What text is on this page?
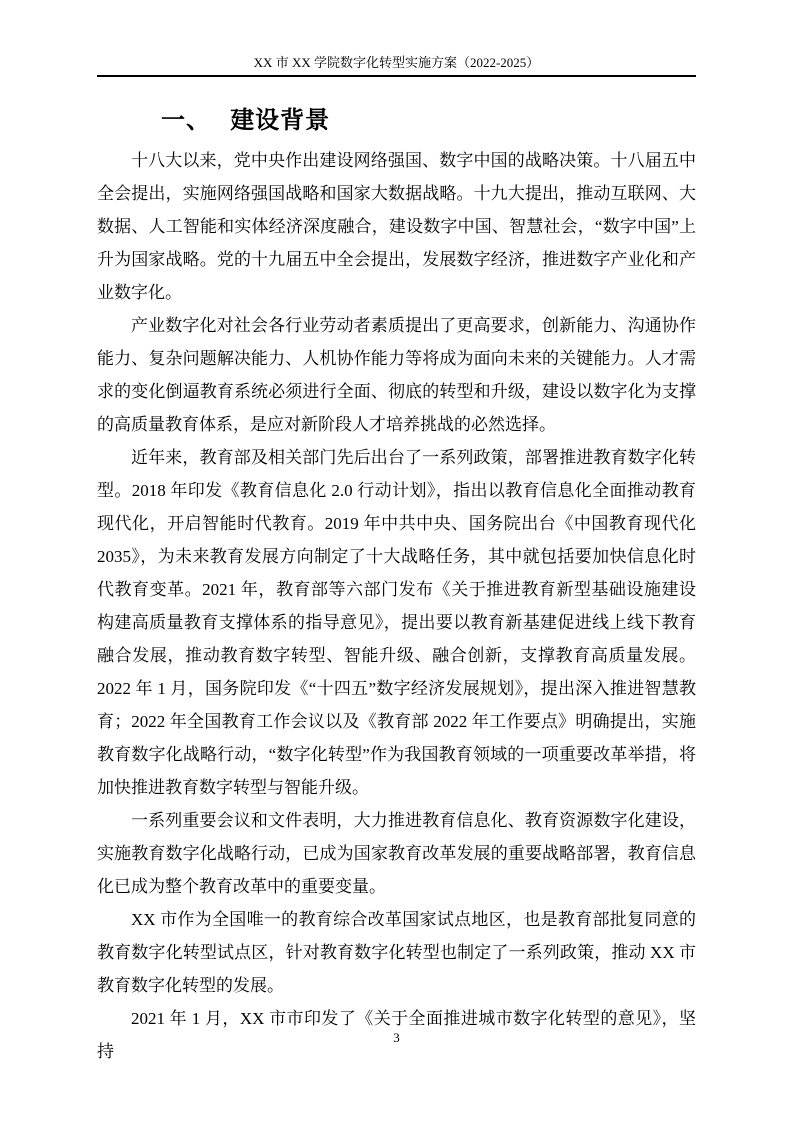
XX 市 XX 学院数字化转型实施方案（2022-2025）
一、 建设背景

十八大以来，党中央作出建设网络强国、数字中国的战略决策。十八届五中全会提出，实施网络强国战略和国家大数据战略。十九大提出，推动互联网、大数据、人工智能和实体经济深度融合，建设数字中国、智慧社会，“数字中国”上升为国家战略。党的十九届五中全会提出，发展数字经济，推进数字产业化和产业数字化。

产业数字化对社会各行业劳动者素质提出了更高要求，创新能力、沟通协作能力、复杂问题解决能力、人机协作能力等将成为面向未来的关键能力。人才需求的变化倒逼教育系统必须进行全面、彻底的转型和升级，建设以数字化为支撑的高质量教育体系，是应对新阶段人才培养挑战的必然选择。

近年来，教育部及相关部门先后出台了一系列政策，部署推进教育数字化转型。2018 年印发《教育信息化 2.0 行动计划》，指出以教育信息化全面推动教育现代化，开启智能时代教育。2019 年中共中央、国务院出台《中国教育现代化 2035》，为未来教育发展方向制定了十大战略任务，其中就包括要加快信息化时代教育变革。2021 年，教育部等六部门发布《关于推进教育新型基础设施建设构建高质量教育支撑体系的指导意见》，提出要以教育新基建促进线上线下教育融合发展，推动教育数字转型、智能升级、融合创新，支撑教育高质量发展。2022 年 1 月，国务院印发《“十四五”数字经济发展规划》，提出深入推进智慧教育；2022 年全国教育工作会议以及《教育部 2022 年工作要点》明确提出，实施教育数字化战略行动，“数字化转型”作为我国教育领域的一项重要改革举措，将加快推进教育数字转型与智能升级。

一系列重要会议和文件表明，大力推进教育信息化、教育资源数字化建设，实施教育数字化战略行动，已成为国家教育改革发展的重要战略部署，教育信息化已成为整个教育改革中的重要变量。

XX 市作为全国唯一的教育综合改革国家试点地区，也是教育部批复同意的教育数字化转型试点区，针对教育数字化转型也制定了一系列政策，推动 XX 市教育数字化转型的发展。

2021 年 1 月，XX 市市印发了《关于全面推进城市数字化转型的意见》，坚持

3
